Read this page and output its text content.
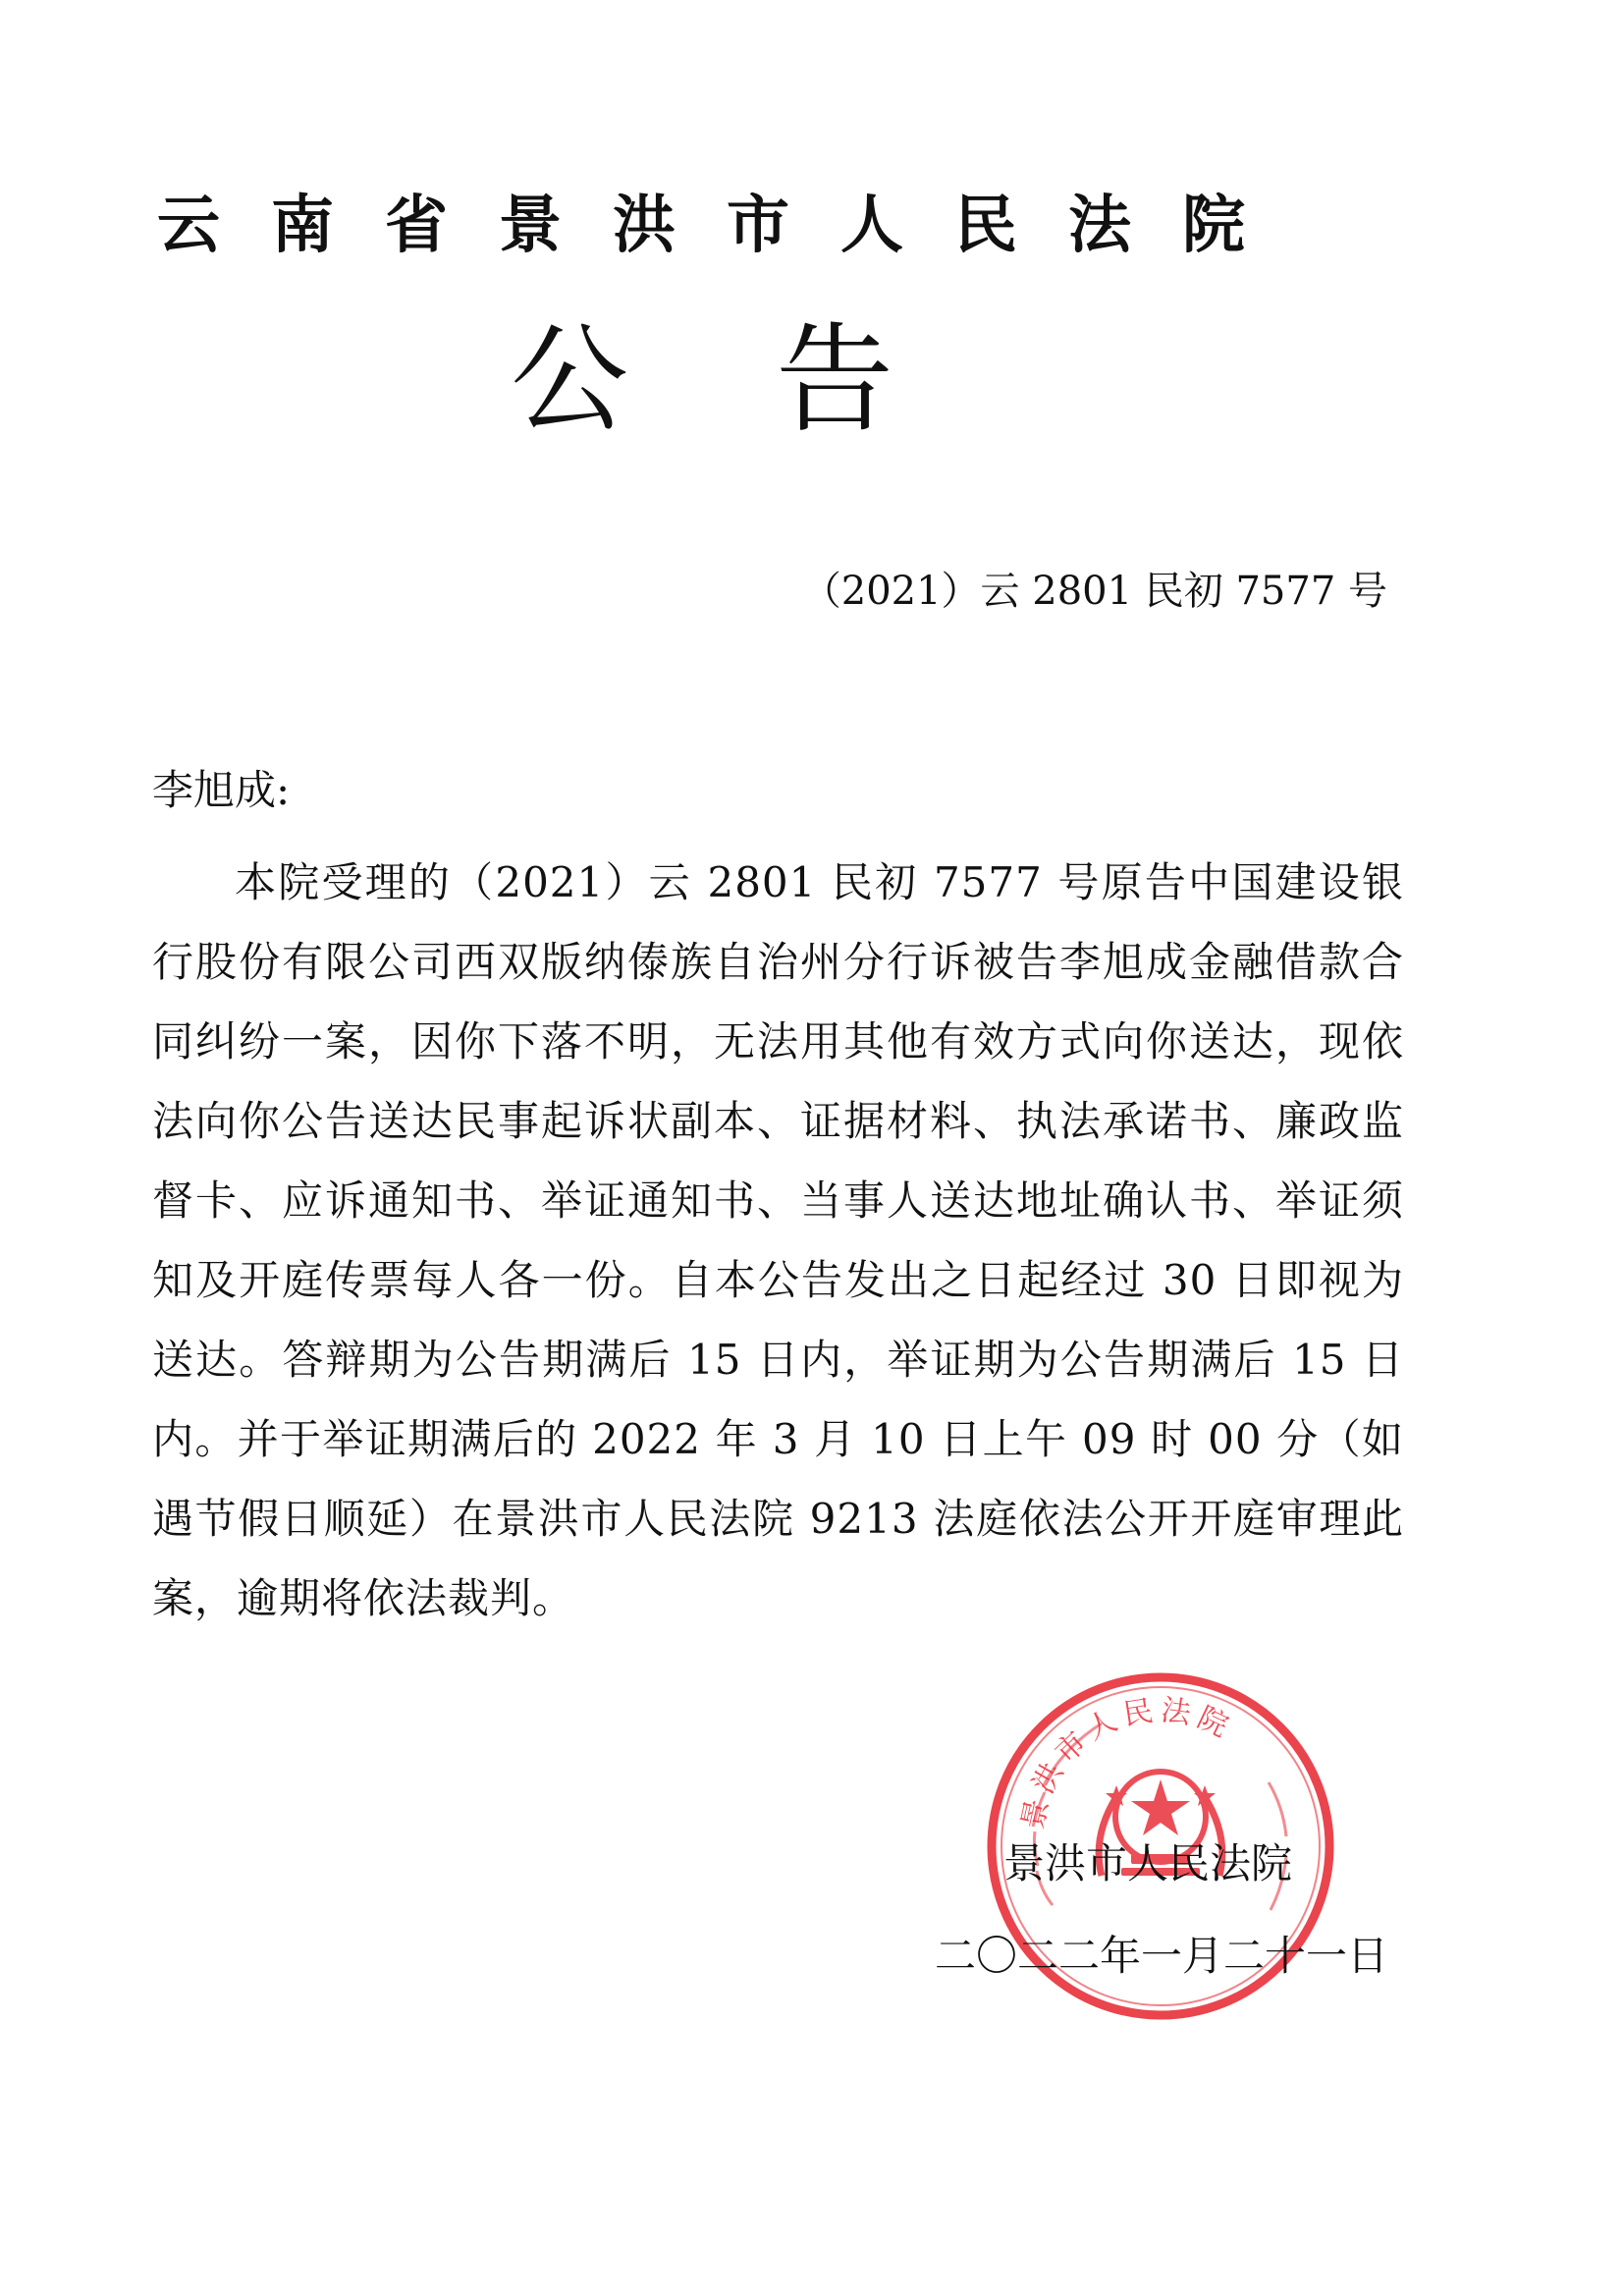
云南省景洪市人民法院
公告
（2021）云 2801 民初 7577 号
李旭成:
本院受理的（2021）云 2801 民初 7577 号原告中国建设银行股份有限公司西双版纳傣族自治州分行诉被告李旭成金融借款合同纠纷一案，因你下落不明，无法用其他有效方式向你送达，现依法向你公告送达民事起诉状副本、证据材料、执法承诺书、廉政监督卡、应诉通知书、举证通知书、当事人送达地址确认书、举证须知及开庭传票每人各一份。自本公告发出之日起经过 30 日即视为送达。答辩期为公告期满后 15 日内，举证期为公告期满后 15 日内。并于举证期满后的 2022 年 3 月 10 日上午 09 时 00 分（如遇节假日顺延）在景洪市人民法院 9213 法庭依法公开开庭审理此案，逾期将依法裁判。
景洪市人民法院
景洪市人民法院
二〇二二年一月二十一日
